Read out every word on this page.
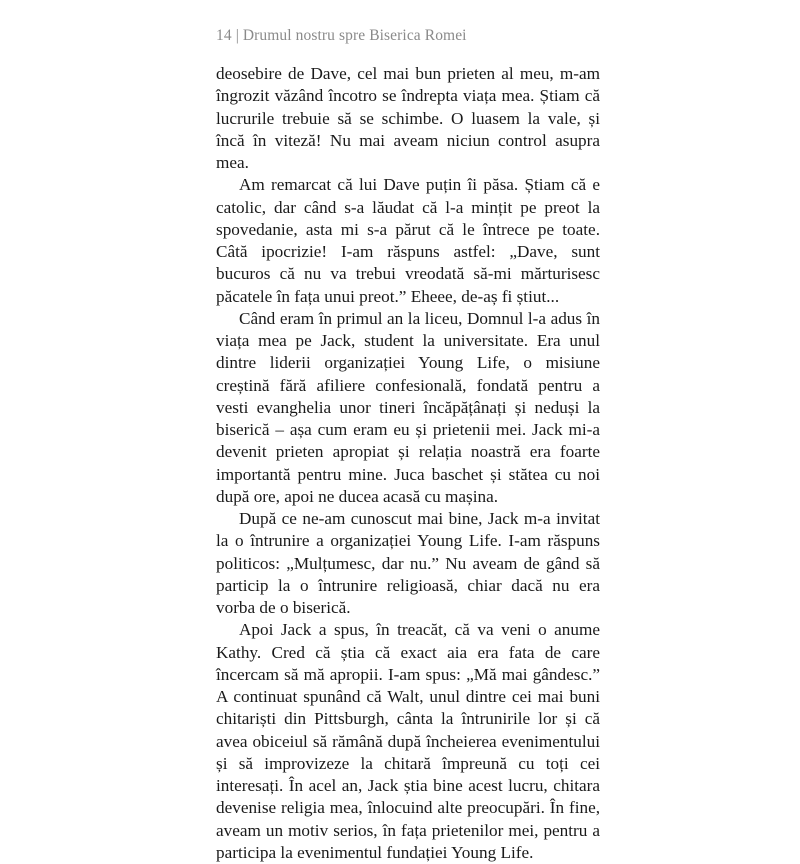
14 | Drumul nostru spre Biserica Romei

deosebire de Dave, cel mai bun prieten al meu, m-am îngrozit văzând încotro se îndrepta viața mea. Știam că lucrurile trebuie să se schimbe. O luasem la vale, și încă în viteză! Nu mai aveam niciun control asupra mea.

Am remarcat că lui Dave puțin îi păsa. Știam că e catolic, dar când s-a lăudat că l-a mințit pe preot la spovedanie, asta mi s-a părut că le întrece pe toate. Câtă ipocrizie! I-am răspuns astfel: „Dave, sunt bucuros că nu va trebui vreodată să-mi mărturisesc păcatele în fața unui preot.” Eheee, de-aș fi știut...

Când eram în primul an la liceu, Domnul l-a adus în viața mea pe Jack, student la universitate. Era unul dintre liderii organizației Young Life, o misiune creștină fără afiliere confesională, fondată pentru a vesti evanghelia unor tineri încăpățânați și neduși la biserică – așa cum eram eu și prietenii mei. Jack mi-a devenit prieten apropiat și relația noastră era foarte importantă pentru mine. Juca baschet și stătea cu noi după ore, apoi ne ducea acasă cu mașina.

După ce ne-am cunoscut mai bine, Jack m-a invitat la o întrunire a organizației Young Life. I-am răspuns politicos: „Mulțumesc, dar nu.” Nu aveam de gând să particip la o întrunire religioasă, chiar dacă nu era vorba de o biserică.

Apoi Jack a spus, în treacăt, că va veni o anume Kathy. Cred că știa că exact aia era fata de care încercam să mă apropii. I-am spus: „Mă mai gândesc.” A continuat spunând că Walt, unul dintre cei mai buni chitariști din Pittsburgh, cânta la întrunirile lor și că avea obiceiul să rămână după încheierea evenimentului și să improvizeze la chitară împreună cu toți cei interesați. În acel an, Jack știa bine acest lucru, chitara devenise religia mea, înlocuind alte preocupări. În fine, aveam un motiv serios, în fața prietenilor mei, pentru a participa la evenimentul fundației Young Life.
